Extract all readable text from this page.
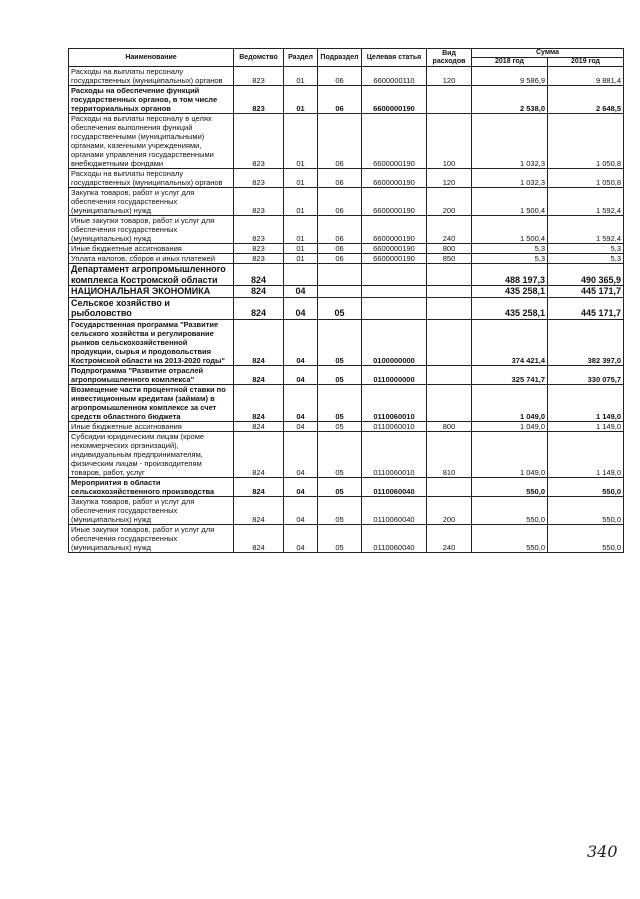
Наименование	Ведомство	Раздел	Подраздел	Целевая статья	Вид расходов	Сумма	
						2018 год	2019 год
Расходы на выплаты персоналу государственных (муниципальных) органов	823	01	06	6600000110	120	9 586,9	9 881,4
Расходы на обеспечение функций государственных органов, в том числе территориальных органов	823	01	06	6600000190		2 538,0	2 648,5
Расходы на выплаты персоналу в целях обеспечения выполнения функций государственными (муниципальными) органами, казенными учреждениями, органами управления государственными внебюджетными фондами	823	01	06	6600000190	100	1 032,3	1 050,8
Расходы на выплаты персоналу государственных (муниципальных) органов	823	01	06	6600000190	120	1 032,3	1 050,8
Закупка товаров, работ и услуг для обеспечения государственных (муниципальных) нужд	823	01	06	6600000190	200	1 500,4	1 592,4
Иные закупки товаров, работ и услуг для обеспечения государственных (муниципальных) нужд	823	01	06	6600000190	240	1 500,4	1 592,4
Иные бюджетные ассигнования	823	01	06	6600000190	800	5,3	5,3
Уплата налогов, сборов и иных платежей	823	01	06	6600000190	850	5,3	5,3
Департамент агропромышленного комплекса Костромской области	824					488 197,3	490 365,9
НАЦИОНАЛЬНАЯ ЭКОНОМИКА	824	04				435 258,1	445 171,7
Сельское хозяйство и рыболовство	824	04	05			435 258,1	445 171,7
Государственная программа "Развитие сельского хозяйства и регулирование рынков сельскохозяйственной продукции, сырья и продовольствия Костромской области на 2013-2020 годы"	824	04	05	0100000000		374 421,4	382 397,0
Подпрограмма "Развитие отраслей агропромышленного комплекса"	824	04	05	0110000000		325 741,7	330 075,7
Возмещение части процентной ставки по инвестиционным кредитам (займам) в агропромышленном комплексе за счет средств областного бюджета	824	04	05	0110060010		1 049,0	1 149,0
Иные бюджетные ассигнования	824	04	05	0110060010	800	1 049,0	1 149,0
Субсидии юридическим лицам (кроме некоммерческих организаций), индивидуальным предпринимателям, физическим лицам - производителям товаров, работ, услуг	824	04	05	0110060010	810	1 049,0	1 149,0
Мероприятия в области сельскохозяйственного производства	824	04	05	0110060040		550,0	550,0
Закупка товаров, работ и услуг для обеспечения государственных (муниципальных) нужд	824	04	05	0110060040	200	550,0	550,0
Иные закупки товаров, работ и услуг для обеспечения государственных (муниципальных) нужд	824	04	05	0110060040	240	550,0	550,0
340
